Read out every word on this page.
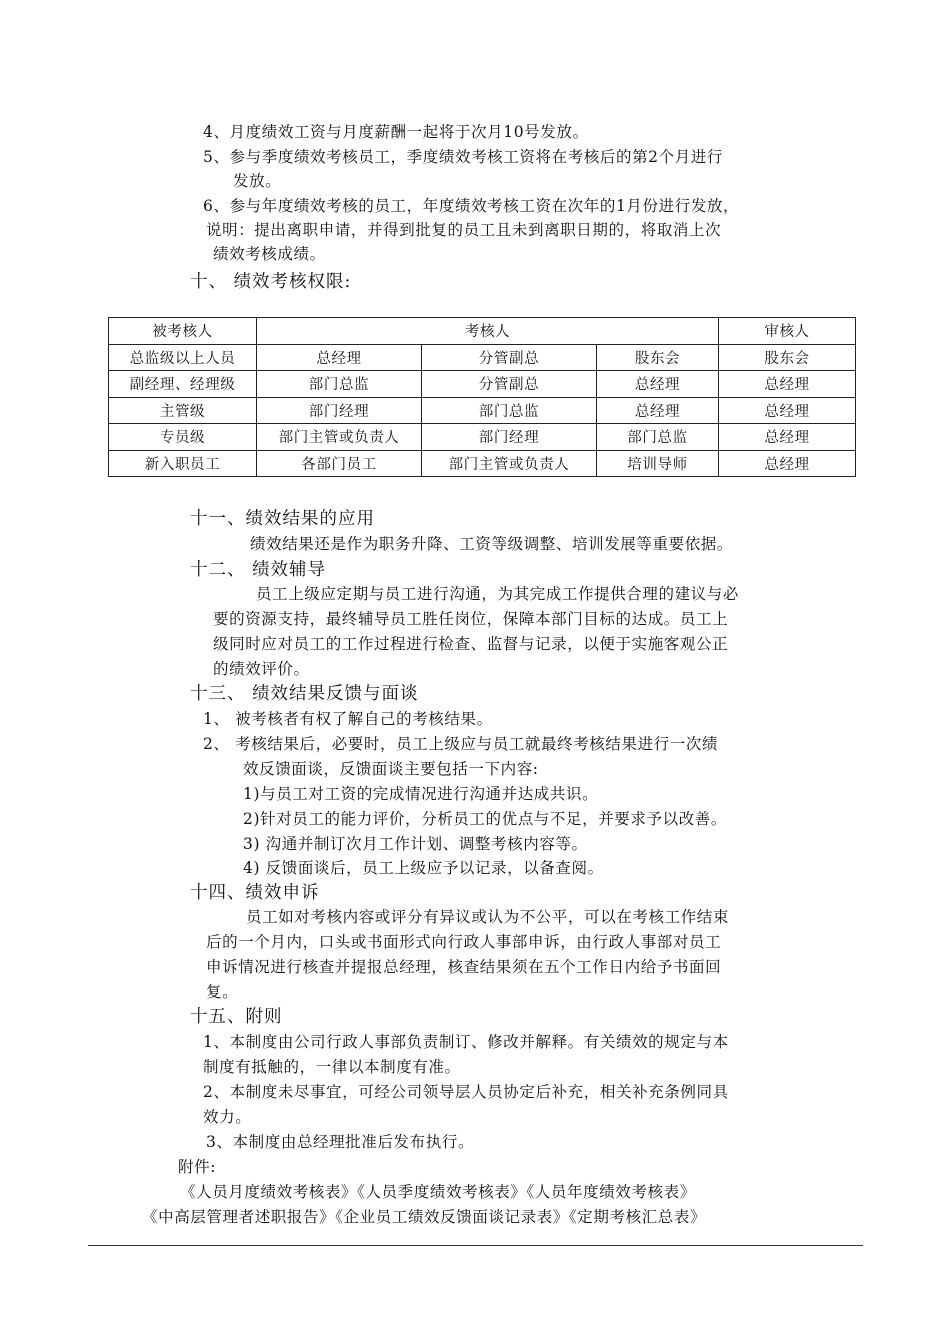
4、月度绩效工资与月度薪酬一起将于次月10号发放。
5、参与季度绩效考核员工，季度绩效考核工资将在考核后的第2个月进行
发放。
6、参与年度绩效考核的员工，年度绩效考核工资在次年的1月份进行发放，
说明：提出离职申请，并得到批复的员工且未到离职日期的，将取消上次
绩效考核成绩。
十、 绩效考核权限:
被考核人	考核人			审核人
总监级以上人员	总经理	分管副总	股东会	股东会
副经理、经理级	部门总监	分管副总	总经理	总经理
主管级	部门经理	部门总监	总经理	总经理
专员级	部门主管或负责人	部门经理	部门总监	总经理
新入职员工	各部门员工	部门主管或负责人	培训导师	总经理
十一、绩效结果的应用
绩效结果还是作为职务升降、工资等级调整、培训发展等重要依据。
十二、 绩效辅导
员工上级应定期与员工进行沟通，为其完成工作提供合理的建议与必
要的资源支持，最终辅导员工胜任岗位，保障本部门目标的达成。员工上
级同时应对员工的工作过程进行检查、监督与记录，以便于实施客观公正
的绩效评价。
十三、 绩效结果反馈与面谈
1、 被考核者有权了解自己的考核结果。
2、 考核结果后，必要时，员工上级应与员工就最终考核结果进行一次绩
效反馈面谈，反馈面谈主要包括一下内容:
1)与员工对工资的完成情况进行沟通并达成共识。
2)针对员工的能力评价，分析员工的优点与不足，并要求予以改善。
3) 沟通并制订次月工作计划、调整考核内容等。
4) 反馈面谈后，员工上级应予以记录，以备查阅。
十四、绩效申诉
员工如对考核内容或评分有异议或认为不公平，可以在考核工作结束
后的一个月内，口头或书面形式向行政人事部申诉，由行政人事部对员工
申诉情况进行核查并提报总经理，核查结果须在五个工作日内给予书面回
复。
十五、附则
1、本制度由公司行政人事部负责制订、修改并解释。有关绩效的规定与本
制度有抵触的，一律以本制度有准。
2、本制度未尽事宜，可经公司领导层人员协定后补充，相关补充条例同具
效力。
3、本制度由总经理批准后发布执行。
附件:
《人员月度绩效考核表》《人员季度绩效考核表》《人员年度绩效考核表》
《中高层管理者述职报告》《企业员工绩效反馈面谈记录表》《定期考核汇总表》
